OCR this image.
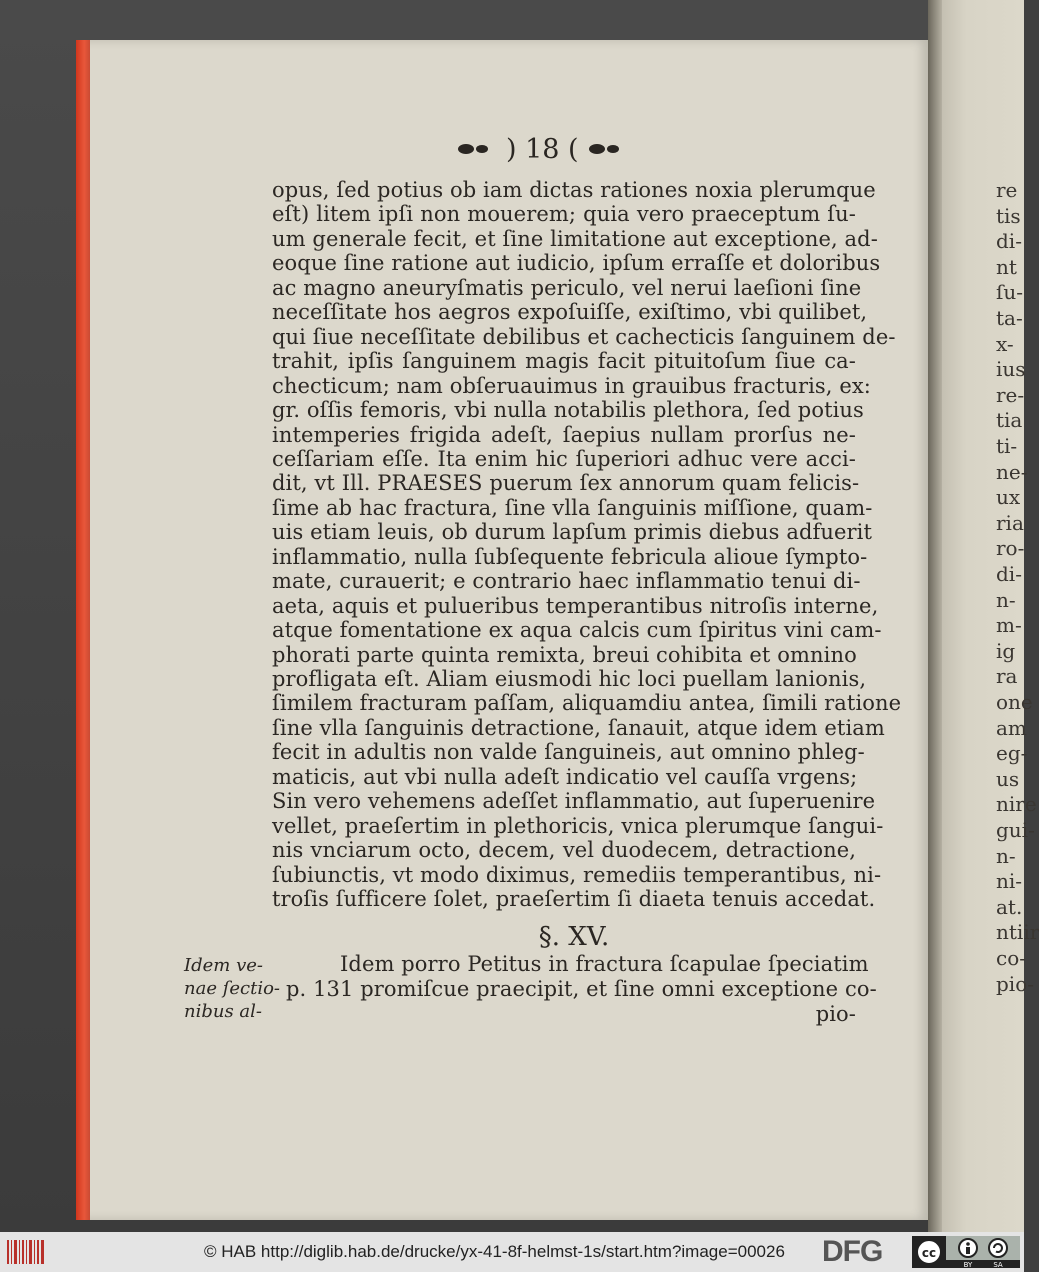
re
tis
di-
nt
ſu-
ta-
x-
ius
re-
tia
ti-
ne-
ux
ria
ro-
di-
n-
m-
ig
ra
one
am
eg-
us
nire
gui-
n-
ni-
at.
ntiir
co-
pio-
) 18 (
opus, ſed potius ob iam dictas rationes noxia plerumque
eſt) litem ipſi non mouerem; quia vero praeceptum ſu-
um generale fecit, et ſine limitatione aut exceptione, ad-
eoque ſine ratione aut iudicio, ipſum erraſſe et doloribus
ac magno aneuryſmatis periculo, vel nerui laeſioni ſine
neceſſitate hos aegros expoſuiſſe, exiſtimo, vbi quilibet,
qui ſiue neceſſitate debilibus et cachecticis ſanguinem de-
trahit, ipſis ſanguinem magis facit pituitoſum ſiue ca-
checticum; nam obſeruauimus in grauibus fracturis, ex:
gr. oſſis femoris, vbi nulla notabilis plethora, ſed potius
intemperies frigida adeſt, ſaepius nullam prorſus ne-
ceſſariam eſſe. Ita enim hic ſuperiori adhuc vere acci-
dit, vt Ill. PRAESES puerum ſex annorum quam felicis-
ſime ab hac fractura, ſine vlla ſanguinis miſſione, quam-
uis etiam leuis, ob durum lapſum primis diebus adfuerit
inflammatio, nulla ſubſequente febricula alioue ſympto-
mate, curauerit; e contrario haec inflammatio tenui di-
aeta, aquis et pulueribus temperantibus nitroſis interne,
atque fomentatione ex aqua calcis cum ſpiritus vini cam-
phorati parte quinta remixta, breui cohibita et omnino
profligata eſt. Aliam eiusmodi hic loci puellam lanionis,
ſimilem fracturam paſſam, aliquamdiu antea, ſimili ratione
ſine vlla ſanguinis detractione, ſanauit, atque idem etiam
fecit in adultis non valde ſanguineis, aut omnino phleg-
maticis, aut vbi nulla adeſt indicatio vel cauſſa vrgens;
Sin vero vehemens adeſſet inflammatio, aut ſuperuenire
vellet, praeſertim in plethoricis, vnica plerumque ſangui-
nis vnciarum octo, decem, vel duodecem, detractione,
ſubiunctis, vt modo diximus, remediis temperantibus, ni-
troſis ſufficere ſolet, praeſertim ſi diaeta tenuis accedat.
§. XV.
Idem porro Petitus in fractura ſcapulae ſpeciatim
p. 131 promiſcue praecipit, et ſine omni exceptione co-
pio-
Idem ve-
nae ſectio-
nibus al-
© HAB http://diglib.hab.de/drucke/yx-41-8f-helmst-1s/start.htm?image=00026 DFG	cc
BY	SA
